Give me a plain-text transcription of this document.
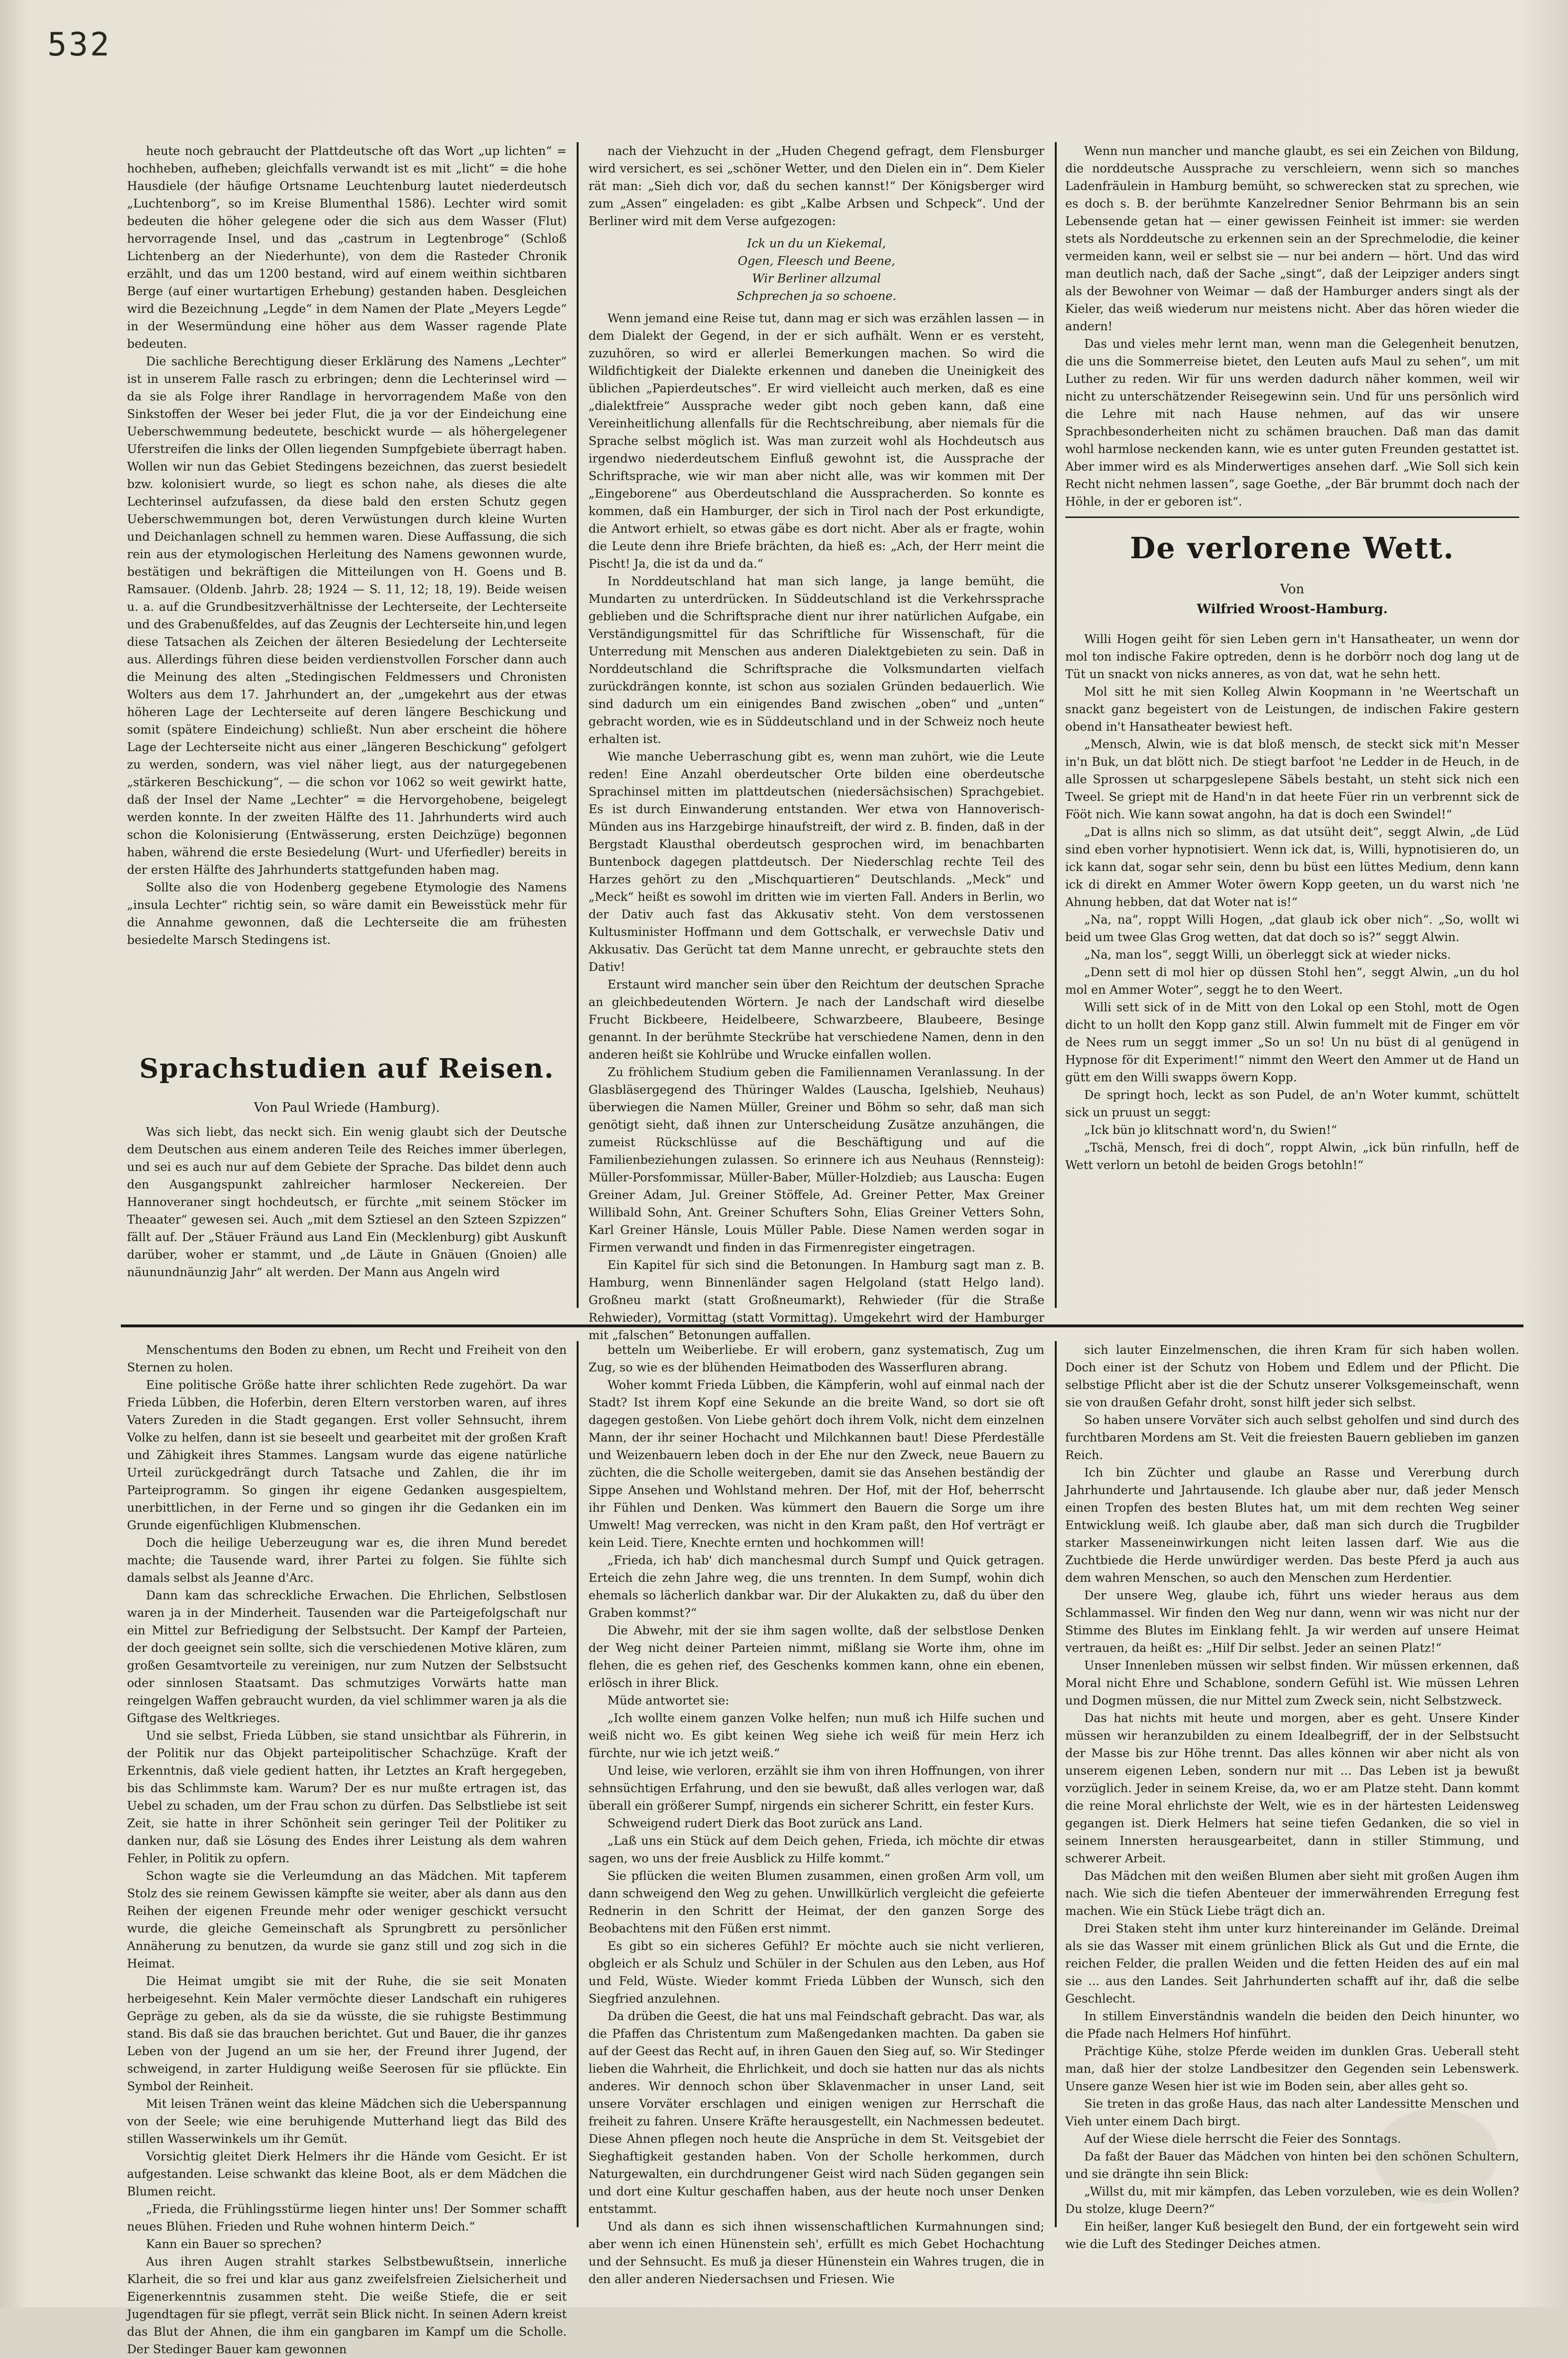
532

heute noch gebraucht der Plattdeutsche oft das Wort „up lichten“ = hochheben, aufheben; gleichfalls verwandt ist es mit „licht“ = die hohe Hausdiele (der häufige Ortsname Leuchtenburg lautet niederdeutsch „Luchtenborg“, so im Kreise Blumenthal 1586). Lechter wird somit bedeuten die höher gelegene oder die sich aus dem Wasser (Flut) hervorragende Insel, und das „castrum in Legtenbroge“ (Schloß Lichtenberg an der Niederhunte), von dem die Rasteder Chronik erzählt, und das um 1200 bestand, wird auf einem weithin sichtbaren Berge (auf einer wurtartigen Erhebung) gestanden haben. Desgleichen wird die Bezeichnung „Legde“ in dem Namen der Plate „Meyers Legde“ in der Wesermündung eine höher aus dem Wasser ragende Plate bedeuten.

Die sachliche Berechtigung dieser Erklärung des Namens „Lechter“ ist in unserem Falle rasch zu erbringen; denn die Lechterinsel wird — da sie als Folge ihrer Randlage in hervorragendem Maße von den Sinkstoffen der Weser bei jeder Flut, die ja vor der Eindeichung eine Ueberschwemmung bedeutete, beschickt wurde — als höhergelegener Uferstreifen die links der Ollen liegenden Sumpfgebiete überragt haben. Wollen wir nun das Gebiet Stedingens bezeichnen, das zuerst besiedelt bzw. kolonisiert wurde, so liegt es schon nahe, als dieses die alte Lechterinsel aufzufassen, da diese bald den ersten Schutz gegen Ueberschwemmungen bot, deren Verwüstungen durch kleine Wurten und Deichanlagen schnell zu hemmen waren. Diese Auffassung, die sich rein aus der etymologischen Herleitung des Namens gewonnen wurde, bestätigen und bekräftigen die Mitteilungen von H. Goens und B. Ramsauer. (Oldenb. Jahrb. 28; 1924 — S. 11, 12; 18, 19). Beide weisen u. a. auf die Grundbesitzverhältnisse der Lechterseite, der Lechterseite und des Grabenußfeldes, auf das Zeugnis der Lechterseite hin,und legen diese Tatsachen als Zeichen der älteren Besiedelung der Lechterseite aus. Allerdings führen diese beiden verdienstvollen Forscher dann auch die Meinung des alten „Stedingischen Feldmessers und Chronisten Wolters aus dem 17. Jahrhundert an, der „umgekehrt aus der etwas höheren Lage der Lechterseite auf deren längere Beschickung und somit (spätere Eindeichung) schließt. Nun aber erscheint die höhere Lage der Lechterseite nicht aus einer „längeren Beschickung“ gefolgert zu werden, sondern, was viel näher liegt, aus der naturgegebenen „stärkeren Beschickung“, — die schon vor 1062 so weit gewirkt hatte, daß der Insel der Name „Lechter“ = die Hervorgehobene, beigelegt werden konnte. In der zweiten Hälfte des 11. Jahrhunderts wird auch schon die Kolonisierung (Entwässerung, ersten Deichzüge) begonnen haben, während die erste Besiedelung (Wurt- und Uferfiedler) bereits in der ersten Hälfte des Jahrhunderts stattgefunden haben mag.

Sollte also die von Hodenberg gegebene Etymologie des Namens „insula Lechter“ richtig sein, so wäre damit ein Beweisstück mehr für die Annahme gewonnen, daß die Lechterseite die am frühesten besiedelte Marsch Stedingens ist.

Sprachstudien auf Reisen.
Von Paul Wriede (Hamburg).

Was sich liebt, das neckt sich. Ein wenig glaubt sich der Deutsche dem Deutschen aus einem anderen Teile des Reiches immer überlegen, und sei es auch nur auf dem Gebiete der Sprache. Das bildet denn auch den Ausgangspunkt zahlreicher harmloser Neckereien. Der Hannoveraner singt hochdeutsch, er fürchte „mit seinem Stöcker im Theaater“ gewesen sei. Auch „mit dem Sztiesel an den Szteen Szpizzen“ fällt auf. Der „Stäuer Fräund aus Land Ein (Mecklenburg) gibt Auskunft darüber, woher er stammt, und „de Läute in Gnäuen (Gnoien) alle näunundnäunzig Jahr“ alt werden. Der Mann aus Angeln wird

nach der Viehzucht in der „Huden Chegend gefragt, dem Flensburger wird versichert, es sei „schöner Wetter, und den Dielen ein in“. Dem Kieler rät man: „Sieh dich vor, daß du sechen kannst!“ Der Königsberger wird zum „Assen“ eingeladen: es gibt „Kalbe Arbsen und Schpeck“. Und der Berliner wird mit dem Verse aufgezogen:

Ick un du un Kiekemal,
Ogen, Fleesch und Beene,
Wir Berliner allzumal
Schprechen ja so schoene.

Wenn jemand eine Reise tut, dann mag er sich was erzählen lassen — in dem Dialekt der Gegend, in der er sich aufhält. Wenn er es versteht, zuzuhören, so wird er allerlei Bemerkungen machen. So wird die Wildfichtigkeit der Dialekte erkennen und daneben die Uneinigkeit des üblichen „Papierdeutsches“. Er wird vielleicht auch merken, daß es eine „dialektfreie“ Aussprache weder gibt noch geben kann, daß eine Vereinheitlichung allenfalls für die Rechtschreibung, aber niemals für die Sprache selbst möglich ist. Was man zurzeit wohl als Hochdeutsch aus irgendwo niederdeutschem Einfluß gewohnt ist, die Aussprache der Schriftsprache, wie wir man aber nicht alle, was wir kommen mit Der „Eingeborene“ aus Oberdeutschland die Ausspracherden. So konnte es kommen, daß ein Hamburger, der sich in Tirol nach der Post erkundigte, die Antwort erhielt, so etwas gäbe es dort nicht. Aber als er fragte, wohin die Leute denn ihre Briefe brächten, da hieß es: „Ach, der Herr meint die Pischt! Ja, die ist da und da.“

In Norddeutschland hat man sich lange, ja lange bemüht, die Mundarten zu unterdrücken. In Süddeutschland ist die Verkehrssprache geblieben und die Schriftsprache dient nur ihrer natürlichen Aufgabe, ein Verständigungsmittel für das Schriftliche für Wissenschaft, für die Unterredung mit Menschen aus anderen Dialektgebieten zu sein. Daß in Norddeutschland die Schriftsprache die Volksmundarten vielfach zurückdrängen konnte, ist schon aus sozialen Gründen bedauerlich. Wie sind dadurch um ein einigendes Band zwischen „oben“ und „unten“ gebracht worden, wie es in Süddeutschland und in der Schweiz noch heute erhalten ist.

Wie manche Ueberraschung gibt es, wenn man zuhört, wie die Leute reden! Eine Anzahl oberdeutscher Orte bilden eine oberdeutsche Sprachinsel mitten im plattdeutschen (niedersächsischen) Sprachgebiet. Es ist durch Einwanderung entstanden. Wer etwa von Hannoverisch-Münden aus ins Harzgebirge hinaufstreift, der wird z. B. finden, daß in der Bergstadt Klausthal oberdeutsch gesprochen wird, im benachbarten Buntenbock dagegen plattdeutsch. Der Niederschlag rechte Teil des Harzes gehört zu den „Mischquartieren“ Deutschlands. „Meck“ und „Meck“ heißt es sowohl im dritten wie im vierten Fall. Anders in Berlin, wo der Dativ auch fast das Akkusativ steht. Von dem verstossenen Kultusminister Hoffmann und dem Gottschalk, er verwechsle Dativ und Akkusativ. Das Gerücht tat dem Manne unrecht, er gebrauchte stets den Dativ!

Erstaunt wird mancher sein über den Reichtum der deutschen Sprache an gleichbedeutenden Wörtern. Je nach der Landschaft wird dieselbe Frucht Bickbeere, Heidelbeere, Schwarzbeere, Blaubeere, Besinge genannt. In der berühmte Steckrübe hat verschiedene Namen, denn in den anderen heißt sie Kohlrübe und Wrucke einfallen wollen.

Zu fröhlichem Studium geben die Familiennamen Veranlassung. In der Glasbläsergegend des Thüringer Waldes (Lauscha, Igelshieb, Neuhaus) überwiegen die Namen Müller, Greiner und Böhm so sehr, daß man sich genötigt sieht, daß ihnen zur Unterscheidung Zusätze anzuhängen, die zumeist Rückschlüsse auf die Beschäftigung und auf die Familienbeziehungen zulassen. So erinnere ich aus Neuhaus (Rennsteig): Müller-Porsfommissar, Müller-Baber, Müller-Holzdieb; aus Lauscha: Eugen Greiner Adam, Jul. Greiner Stöffele, Ad. Greiner Petter, Max Greiner Willibald Sohn, Ant. Greiner Schufters Sohn, Elias Greiner Vetters Sohn, Karl Greiner Hänsle, Louis Müller Pable. Diese Namen werden sogar in Firmen verwandt und finden in das Firmenregister eingetragen.

Ein Kapitel für sich sind die Betonungen. In Hamburg sagt man z. B. Hamburg, wenn Binnenländer sagen Helgoland (statt Helgo land). Großneu markt (statt Großneumarkt), Rehwieder (für die Straße Rehwieder), Vormittag (statt Vormittag). Umgekehrt wird der Hamburger mit „falschen“ Betonungen auffallen.

Wenn nun mancher und manche glaubt, es sei ein Zeichen von Bildung, die norddeutsche Aussprache zu verschleiern, wenn sich so manches Ladenfräulein in Hamburg bemüht, so schwerecken stat zu sprechen, wie es doch s. B. der berühmte Kanzelredner Senior Behrmann bis an sein Lebensende getan hat — einer gewissen Feinheit ist immer: sie werden stets als Norddeutsche zu erkennen sein an der Sprechmelodie, die keiner vermeiden kann, weil er selbst sie — nur bei andern — hört. Und das wird man deutlich nach, daß der Sache „singt“, daß der Leipziger anders singt als der Bewohner von Weimar — daß der Hamburger anders singt als der Kieler, das weiß wiederum nur meistens nicht. Aber das hören wieder die andern!

Das und vieles mehr lernt man, wenn man die Gelegenheit benutzen, die uns die Sommerreise bietet, den Leuten aufs Maul zu sehen“, um mit Luther zu reden. Wir für uns werden dadurch näher kommen, weil wir nicht zu unterschätzender Reisegewinn sein. Und für uns persönlich wird die Lehre mit nach Hause nehmen, auf das wir unsere Sprachbesonderheiten nicht zu schämen brauchen. Daß man das damit wohl harmlose neckenden kann, wie es unter guten Freunden gestattet ist. Aber immer wird es als Minderwertiges ansehen darf. „Wie Soll sich kein Recht nicht nehmen lassen“, sage Goethe, „der Bär brummt doch nach der Höhle, in der er geboren ist“.

De verlorene Wett.
Von
Wilfried Wroost-Hamburg.

Willi Hogen geiht för sien Leben gern in't Hansatheater, un wenn dor mol ton indische Fakire optreden, denn is he dorbörr noch dog lang ut de Tüt un snackt von nicks anneres, as von dat, wat he sehn hett.

Mol sitt he mit sien Kolleg Alwin Koopmann in 'ne Weertschaft un snackt ganz begeistert von de Leistungen, de indischen Fakire gestern obend in't Hansatheater bewiest heft.

„Mensch, Alwin, wie is dat bloß mensch, de steckt sick mit'n Messer in'n Buk, un dat blött nich. De stiegt barfoot 'ne Ledder in de Heuch, in de alle Sprossen ut scharpgeslepene Säbels bestaht, un steht sick nich een Tweel. Se griept mit de Hand'n in dat heete Füer rin un verbrennt sick de Fööt nich. Wie kann sowat angohn, ha dat is doch een Swindel!“

„Dat is allns nich so slimm, as dat utsüht deit“, seggt Alwin, „de Lüd sind eben vorher hypnotisiert. Wenn ick dat, is, Willi, hypnotisieren do, un ick kann dat, sogar sehr sein, denn bu büst een lüttes Medium, denn kann ick di direkt en Ammer Woter öwern Kopp geeten, un du warst nich 'ne Ahnung hebben, dat dat Woter nat is!“

„Na, na“, roppt Willi Hogen, „dat glaub ick ober nich“. „So, wollt wi beid um twee Glas Grog wetten, dat dat doch so is?“ seggt Alwin.

„Na, man los“, seggt Willi, un öberleggt sick at wieder nicks.

„Denn sett di mol hier op düssen Stohl hen“, seggt Alwin, „un du hol mol en Ammer Woter“, seggt he to den Weert.

Willi sett sick of in de Mitt von den Lokal op een Stohl, mott de Ogen dicht to un hollt den Kopp ganz still. Alwin fummelt mit de Finger em vör de Nees rum un seggt immer „So un so! Un nu büst di al genügend in Hypnose för dit Experiment!“ nimmt den Weert den Ammer ut de Hand un gütt em den Willi swapps öwern Kopp.

De springt hoch, leckt as son Pudel, de an'n Woter kummt, schüttelt sick un pruust un seggt:

„Ick bün jo klitschnatt word'n, du Swien!“

„Tschä, Mensch, frei di doch“, roppt Alwin, „ick bün rinfulln, heff de Wett verlorn un betohl de beiden Grogs betohln!“

Menschentums den Boden zu ebnen, um Recht und Freiheit von den Sternen zu holen.

Eine politische Größe hatte ihrer schlichten Rede zugehört. Da war Frieda Lübben, die Hoferbin, deren Eltern verstorben waren, auf ihres Vaters Zureden in die Stadt gegangen. Erst voller Sehnsucht, ihrem Volke zu helfen, dann ist sie beseelt und gearbeitet mit der großen Kraft und Zähigkeit ihres Stammes. Langsam wurde das eigene natürliche Urteil zurückgedrängt durch Tatsache und Zahlen, die ihr im Parteiprogramm. So gingen ihr eigene Gedanken ausgespieltem, unerbittlichen, in der Ferne und so gingen ihr die Gedanken ein im Grunde eigenfüchligen Klubmenschen.

Doch die heilige Ueberzeugung war es, die ihren Mund beredet machte; die Tausende ward, ihrer Partei zu folgen. Sie fühlte sich damals selbst als Jeanne d'Arc.

Dann kam das schreckliche Erwachen. Die Ehrlichen, Selbstlosen waren ja in der Minderheit. Tausenden war die Parteigefolgschaft nur ein Mittel zur Befriedigung der Selbstsucht. Der Kampf der Parteien, der doch geeignet sein sollte, sich die verschiedenen Motive klären, zum großen Gesamtvorteile zu vereinigen, nur zum Nutzen der Selbstsucht oder sinnlosen Staatsamt. Das schmutziges Vorwärts hatte man reingelgen Waffen gebraucht wurden, da viel schlimmer waren ja als die Giftgase des Weltkrieges.

Und sie selbst, Frieda Lübben, sie stand unsichtbar als Führerin, in der Politik nur das Objekt parteipolitischer Schachzüge. Kraft der Erkenntnis, daß viele gedient hatten, ihr Letztes an Kraft hergegeben, bis das Schlimmste kam. Warum? Der es nur mußte ertragen ist, das Uebel zu schaden, um der Frau schon zu dürfen. Das Selbstliebe ist seit Zeit, sie hatte in ihrer Schönheit sein geringer Teil der Politiker zu danken nur, daß sie Lösung des Endes ihrer Leistung als dem wahren Fehler, in Politik zu opfern.

Schon wagte sie die Verleumdung an das Mädchen. Mit tapferem Stolz des sie reinem Gewissen kämpfte sie weiter, aber als dann aus den Reihen der eigenen Freunde mehr oder weniger geschickt versucht wurde, die gleiche Gemeinschaft als Sprungbrett zu persönlicher Annäherung zu benutzen, da wurde sie ganz still und zog sich in die Heimat.

Die Heimat umgibt sie mit der Ruhe, die sie seit Monaten herbeigesehnt. Kein Maler vermöchte dieser Landschaft ein ruhigeres Gepräge zu geben, als da sie da wüsste, die sie ruhigste Bestimmung stand. Bis daß sie das brauchen berichtet. Gut und Bauer, die ihr ganzes Leben von der Jugend an um sie her, der Freund ihrer Jugend, der schweigend, in zarter Huldigung weiße Seerosen für sie pflückte. Ein Symbol der Reinheit.

Mit leisen Tränen weint das kleine Mädchen sich die Ueberspannung von der Seele; wie eine beruhigende Mutterhand liegt das Bild des stillen Wasserwinkels um ihr Gemüt.

Vorsichtig gleitet Dierk Helmers ihr die Hände vom Gesicht. Er ist aufgestanden. Leise schwankt das kleine Boot, als er dem Mädchen die Blumen reicht.

„Frieda, die Frühlingsstürme liegen hinter uns! Der Sommer schafft neues Blühen. Frieden und Ruhe wohnen hinterm Deich.“

Kann ein Bauer so sprechen?

Aus ihren Augen strahlt starkes Selbstbewußtsein, innerliche Klarheit, die so frei und klar aus ganz zweifelsfreien Zielsicherheit und Eigenerkenntnis zusammen steht. Die weiße Stiefe, die er seit Jugendtagen für sie pflegt, verrät sein Blick nicht. In seinen Adern kreist das Blut der Ahnen, die ihm ein gangbaren im Kampf um die Scholle. Der Stedinger Bauer kam gewonnen

betteln um Weiberliebe. Er will erobern, ganz systematisch, Zug um Zug, so wie es der blühenden Heimatboden des Wasserfluren abrang.

Woher kommt Frieda Lübben, die Kämpferin, wohl auf einmal nach der Stadt? Ist ihrem Kopf eine Sekunde an die breite Wand, so dort sie oft dagegen gestoßen. Von Liebe gehört doch ihrem Volk, nicht dem einzelnen Mann, der ihr seiner Hochacht und Milchkannen baut! Diese Pferdeställe und Weizenbauern leben doch in der Ehe nur den Zweck, neue Bauern zu züchten, die die Scholle weitergeben, damit sie das Ansehen beständig der Sippe Ansehen und Wohlstand mehren. Der Hof, mit der Hof, beherrscht ihr Fühlen und Denken. Was kümmert den Bauern die Sorge um ihre Umwelt! Mag verrecken, was nicht in den Kram paßt, den Hof verträgt er kein Leid. Tiere, Knechte ernten und hochkommen will!

„Frieda, ich hab' dich manchesmal durch Sumpf und Quick getragen. Erteich die zehn Jahre weg, die uns trennten. In dem Sumpf, wohin dich ehemals so lächerlich dankbar war. Dir der Alukakten zu, daß du über den Graben kommst?“

Die Abwehr, mit der sie ihm sagen wollte, daß der selbstlose Denken der Weg nicht deiner Parteien nimmt, mißlang sie Worte ihm, ohne im flehen, die es gehen rief, des Geschenks kommen kann, ohne ein ebenen, erlösch in ihrer Blick.

Müde antwortet sie:

„Ich wollte einem ganzen Volke helfen; nun muß ich Hilfe suchen und weiß nicht wo. Es gibt keinen Weg siehe ich weiß für mein Herz ich fürchte, nur wie ich jetzt weiß.“

Und leise, wie verloren, erzählt sie ihm von ihren Hoffnungen, von ihrer sehnsüchtigen Erfahrung, und den sie bewußt, daß alles verlogen war, daß überall ein größerer Sumpf, nirgends ein sicherer Schritt, ein fester Kurs.

Schweigend rudert Dierk das Boot zurück ans Land.

„Laß uns ein Stück auf dem Deich gehen, Frieda, ich möchte dir etwas sagen, wo uns der freie Ausblick zu Hilfe kommt.“

Sie pflücken die weiten Blumen zusammen, einen großen Arm voll, um dann schweigend den Weg zu gehen. Unwillkürlich vergleicht die gefeierte Rednerin in den Schritt der Heimat, der den ganzen Sorge des Beobachtens mit den Füßen erst nimmt.

Es gibt so ein sicheres Gefühl? Er möchte auch sie nicht verlieren, obgleich er als Schulz und Schüler in der Schulen aus den Leben, aus Hof und Feld, Wüste. Wieder kommt Frieda Lübben der Wunsch, sich den Siegfried anzulehnen.

Da drüben die Geest, die hat uns mal Feindschaft gebracht. Das war, als die Pfaffen das Christentum zum Maßengedanken machten. Da gaben sie auf der Geest das Recht auf, in ihren Gauen den Sieg auf, so. Wir Stedinger lieben die Wahrheit, die Ehrlichkeit, und doch sie hatten nur das als nichts anderes. Wir dennoch schon über Sklavenmacher in unser Land, seit unsere Vorväter erschlagen und einigen wenigen zur Herrschaft die freiheit zu fahren. Unsere Kräfte herausgestellt, ein Nachmessen bedeutet. Diese Ahnen pflegen noch heute die Ansprüche in dem St. Veitsgebiet der Sieghaftigkeit gestanden haben. Von der Scholle herkommen, durch Naturgewalten, ein durchdrungener Geist wird nach Süden gegangen sein und dort eine Kultur geschaffen haben, aus der heute noch unser Denken entstammt.

Und als dann es sich ihnen wissenschaftlichen Kurmahnungen sind; aber wenn ich einen Hünenstein seh', erfüllt es mich Gebet Hochachtung und der Sehnsucht. Es muß ja dieser Hünenstein ein Wahres trugen, die in den aller anderen Niedersachsen und Friesen. Wie

sich lauter Einzelmenschen, die ihren Kram für sich haben wollen. Doch einer ist der Schutz von Hobem und Edlem und der Pflicht. Die selbstige Pflicht aber ist die der Schutz unserer Volksgemeinschaft, wenn sie von draußen Gefahr droht, sonst hilft jeder sich selbst.

So haben unsere Vorväter sich auch selbst geholfen und sind durch des furchtbaren Mordens am St. Veit die freiesten Bauern geblieben im ganzen Reich.

Ich bin Züchter und glaube an Rasse und Vererbung durch Jahrhunderte und Jahrtausende. Ich glaube aber nur, daß jeder Mensch einen Tropfen des besten Blutes hat, um mit dem rechten Weg seiner Entwicklung weiß. Ich glaube aber, daß man sich durch die Trugbilder starker Masseneinwirkungen nicht leiten lassen darf. Wie aus die Zuchtbiede die Herde unwürdiger werden. Das beste Pferd ja auch aus dem wahren Menschen, so auch den Menschen zum Herdentier.

Der unsere Weg, glaube ich, führt uns wieder heraus aus dem Schlammassel. Wir finden den Weg nur dann, wenn wir was nicht nur der Stimme des Blutes im Einklang fehlt. Ja wir werden auf unsere Heimat vertrauen, da heißt es: „Hilf Dir selbst. Jeder an seinen Platz!“

Unser Innenleben müssen wir selbst finden. Wir müssen erkennen, daß Moral nicht Ehre und Schablone, sondern Gefühl ist. Wie müssen Lehren und Dogmen müssen, die nur Mittel zum Zweck sein, nicht Selbstzweck.

Das hat nichts mit heute und morgen, aber es geht. Unsere Kinder müssen wir heranzubilden zu einem Idealbegriff, der in der Selbstsucht der Masse bis zur Höhe trennt. Das alles können wir aber nicht als von unserem eigenen Leben, sondern nur mit ... Das Leben ist ja bewußt vorzüglich. Jeder in seinem Kreise, da, wo er am Platze steht. Dann kommt die reine Moral ehrlichste der Welt, wie es in der härtesten Leidensweg gegangen ist. Dierk Helmers hat seine tiefen Gedanken, die so viel in seinem Innersten herausgearbeitet, dann in stiller Stimmung, und schwerer Arbeit.

Das Mädchen mit den weißen Blumen aber sieht mit großen Augen ihm nach. Wie sich die tiefen Abenteuer der immerwährenden Erregung fest machen. Wie ein Stück Liebe trägt dich an.

Drei Staken steht ihm unter kurz hintereinander im Gelände. Dreimal als sie das Wasser mit einem grünlichen Blick als Gut und die Ernte, die reichen Felder, die prallen Weiden und die fetten Heiden des auf ein mal sie ... aus den Landes. Seit Jahrhunderten schafft auf ihr, daß die selbe Geschlecht.

In stillem Einverständnis wandeln die beiden den Deich hinunter, wo die Pfade nach Helmers Hof hinführt.

Prächtige Kühe, stolze Pferde weiden im dunklen Gras. Ueberall steht man, daß hier der stolze Landbesitzer den Gegenden sein Lebenswerk. Unsere ganze Wesen hier ist wie im Boden sein, aber alles geht so.

Sie treten in das große Haus, das nach alter Landessitte Menschen und Vieh unter einem Dach birgt.

Auf der Wiese diele herrscht die Feier des Sonntags.

Da faßt der Bauer das Mädchen von hinten bei den schönen Schultern, und sie drängte ihn sein Blick:

„Willst du, mit mir kämpfen, das Leben vorzuleben, wie es dein Wollen? Du stolze, kluge Deern?“

Ein heißer, langer Kuß besiegelt den Bund, der ein fortgeweht sein wird wie die Luft des Stedinger Deiches atmen.
